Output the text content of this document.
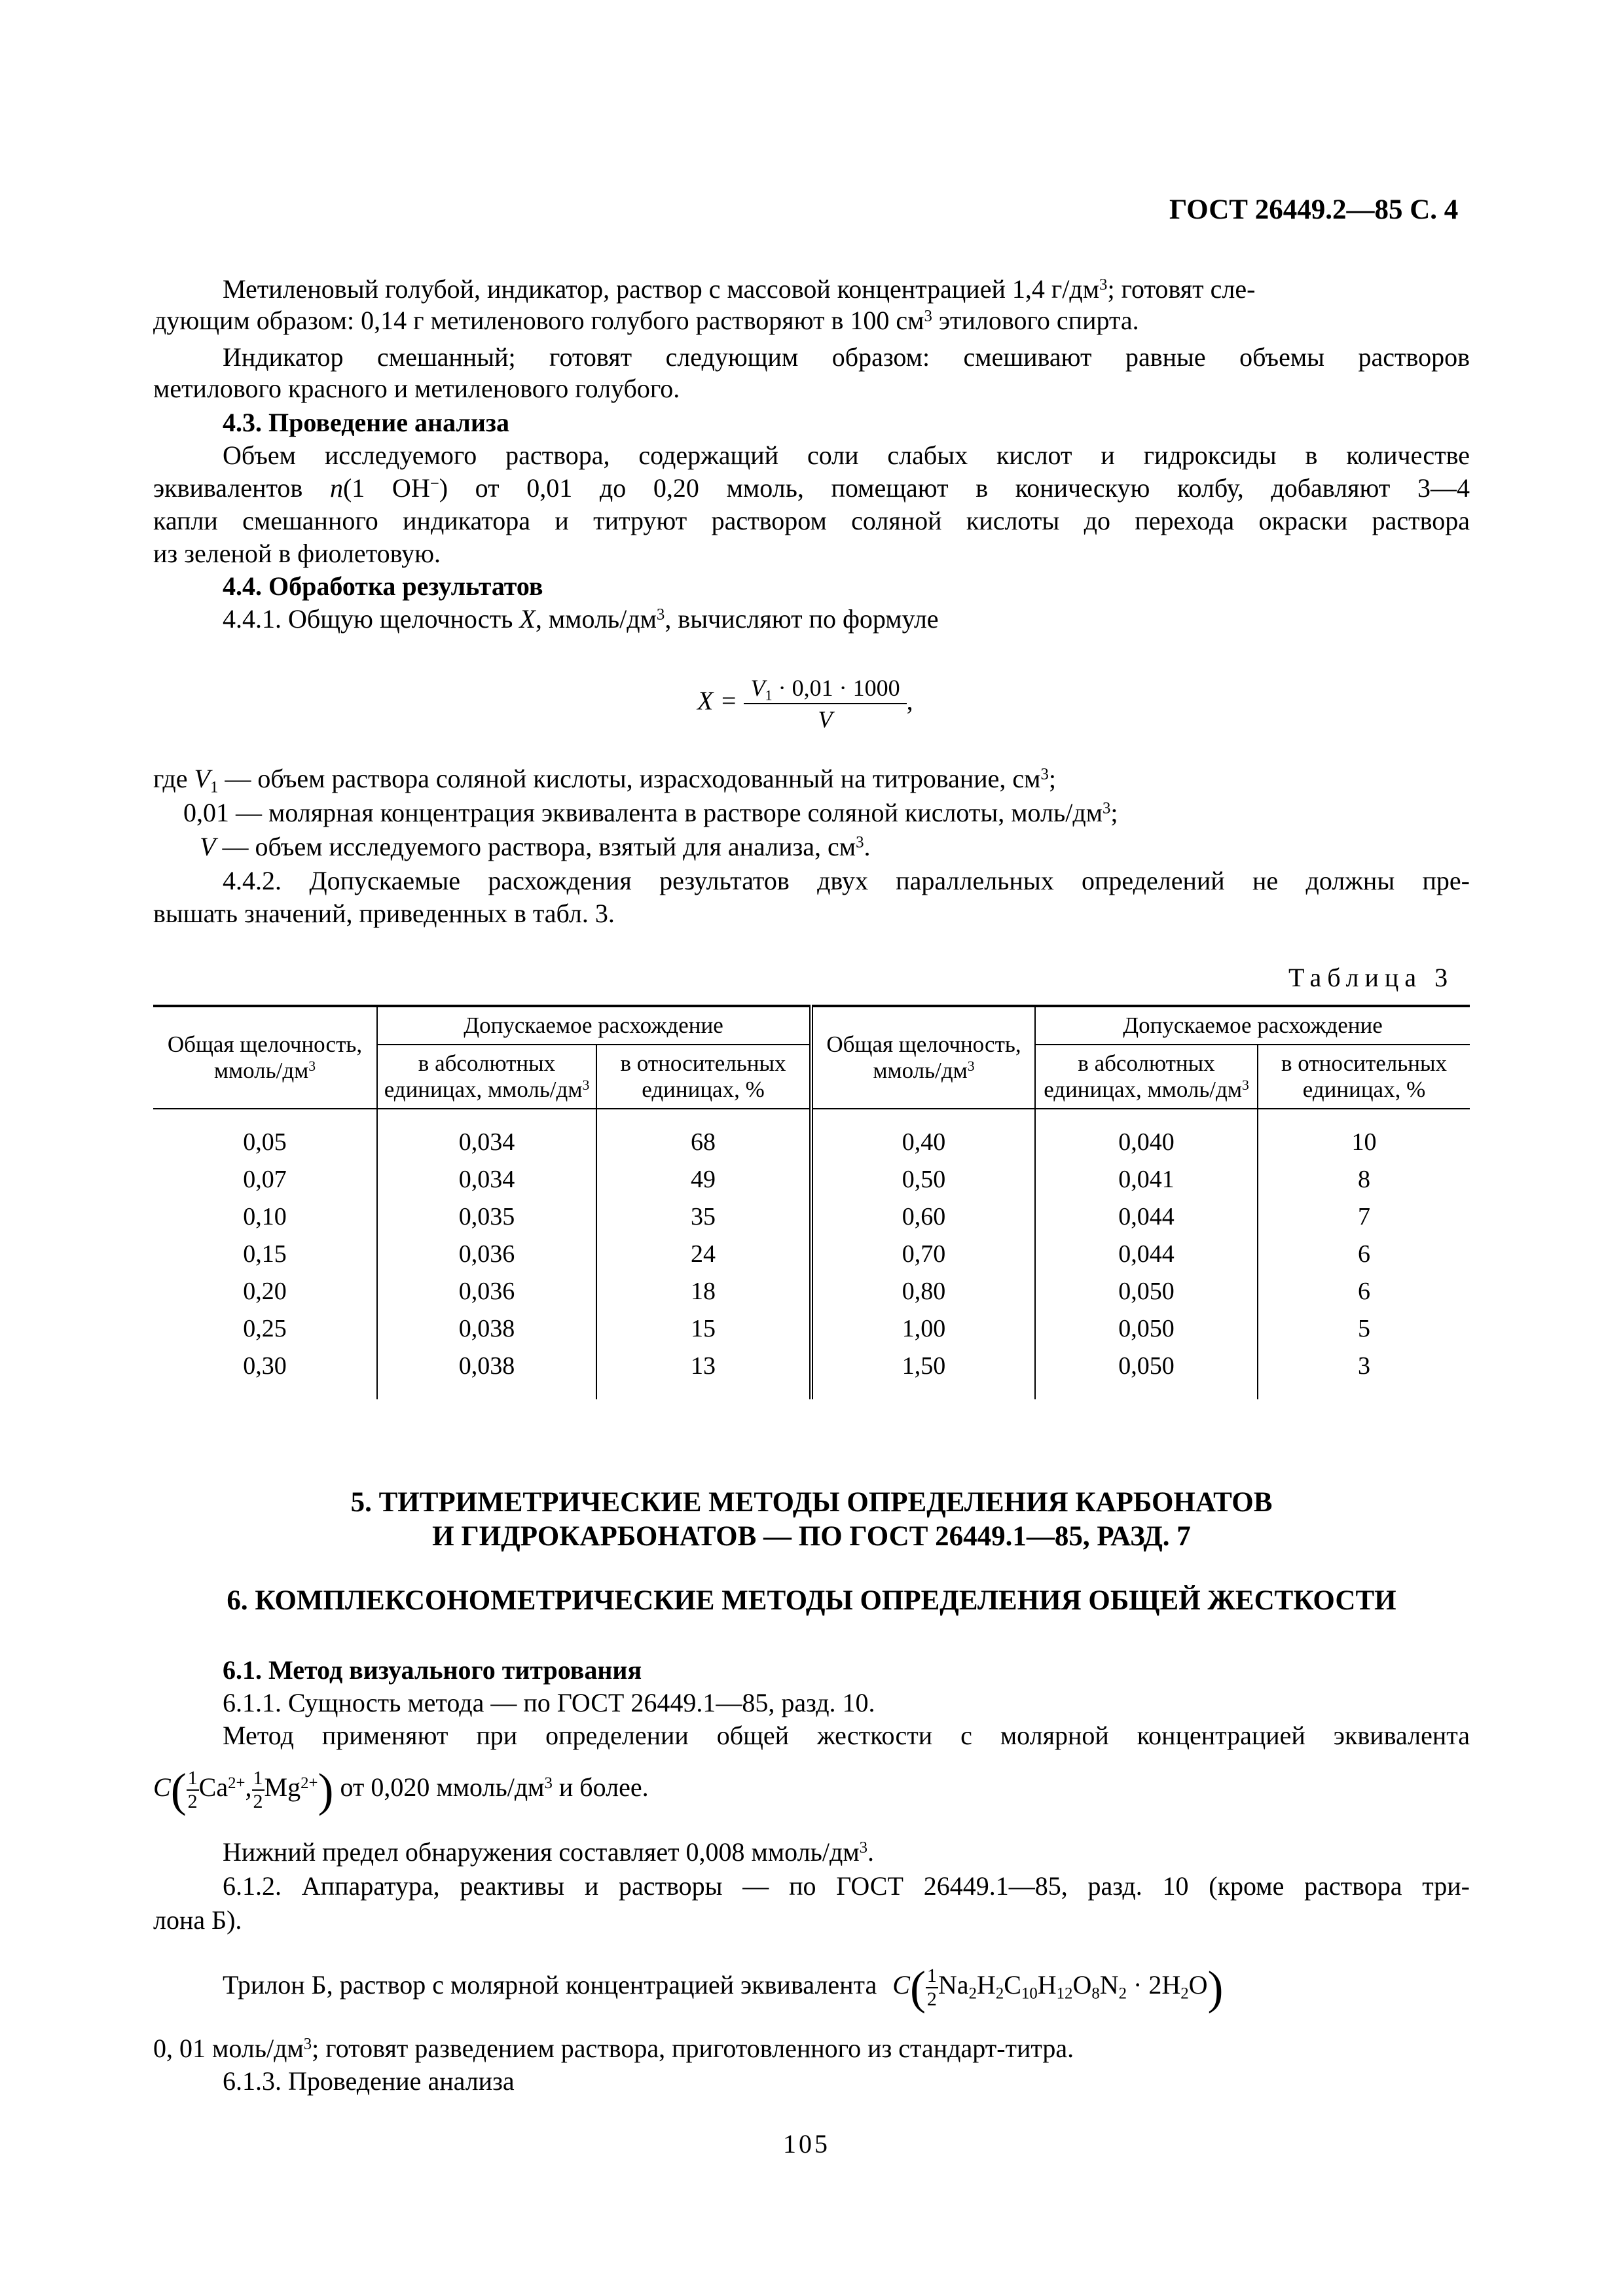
ГОСТ 26449.2—85 С. 4
Метиленовый голубой, индикатор, раствор с массовой концентрацией 1,4 $г/дм^3$; готовят сле-
дующим образом: 0,14 г метиленового голубого растворяют в 100 $см^3$ этилового спирта.
Индикатор смешанный; готовят следующим образом: смешивают равные объемы растворов
метилового красного и метиленового голубого.
4.3. Проведение анализа
Объем исследуемого раствора, содержащий соли слабых кислот и гидроксиды в количестве
эквивалентов n(1 OH−) от 0,01 до 0,20 ммоль, помещают в коническую колбу, добавляют 3—4
капли смешанного индикатора и титруют раствором соляной кислоты до перехода окраски раствора
из зеленой в фиолетовую.
4.4. Обработка результатов
4.4.1. Общую щелочность X, ммоль/$дм^3$, вычисляют по формуле
$X = \frac{V_1 \cdot 0,01 \cdot 1000}{V}$ ,
где $V_1$ — объем раствора соляной кислоты, израсходованный на титрование, $см^3$;
0,01 — молярная концентрация эквивалента в растворе соляной кислоты, моль/$дм^3$;
V — объем исследуемого раствора, взятый для анализа, $см^3$.
4.4.2. Допускаемые расхождения результатов двух параллельных определений не должны пре-
вышать значений, приведенных в табл. 3.
Таблица 3
Общая щелочность, ммоль/$дм^3$	Допускаемое расхождение		Общая щелочность, ммоль/$дм^3$	Допускаемое расхождение	
	в абсолютных единицах, ммоль/$дм^3$	в относительных единицах, %		в абсолютных единицах, ммоль/$дм^3$	в относительных единицах, %
0,05	0,034	68	0,40	0,040	10
0,07	0,034	49	0,50	0,041	8
0,10	0,035	35	0,60	0,044	7
0,15	0,036	24	0,70	0,044	6
0,20	0,036	18	0,80	0,050	6
0,25	0,038	15	1,00	0,050	5
0,30	0,038	13	1,50	0,050	3
5. ТИТРИМЕТРИЧЕСКИЕ МЕТОДЫ ОПРЕДЕЛЕНИЯ КАРБОНАТОВ
И ГИДРОКАРБОНАТОВ — ПО ГОСТ 26449.1—85, РАЗД. 7
6. КОМПЛЕКСОНОМЕТРИЧЕСКИЕ МЕТОДЫ ОПРЕДЕЛЕНИЯ ОБЩЕЙ ЖЕСТКОСТИ
6.1. Метод визуального титрования
6.1.1. Сущность метода — по ГОСТ 26449.1—85, разд. 10.
Метод применяют при определении общей жесткости с молярной концентрацией эквивалента
$C( \frac{1}{2} Ca^{2+}$, $\frac{1}{2} Mg^{2+}$) от 0,020 ммоль/$дм^3$ и более.
Нижний предел обнаружения составляет 0,008 ммоль/$дм^3$.
6.1.2. Аппаратура, реактивы и растворы — по ГОСТ 26449.1—85, разд. 10 (кроме раствора три-
лона Б).
Трилон Б, раствор с молярной концентрацией эквивалента $C( \frac{1}{2} Na_2H_2C_{10}H_{12}O_8N_2 \cdot 2H_2O)$
0, 01 моль/$дм^3$; готовят разведением раствора, приготовленного из стандарт-титра.
6.1.3. Проведение анализа
105
